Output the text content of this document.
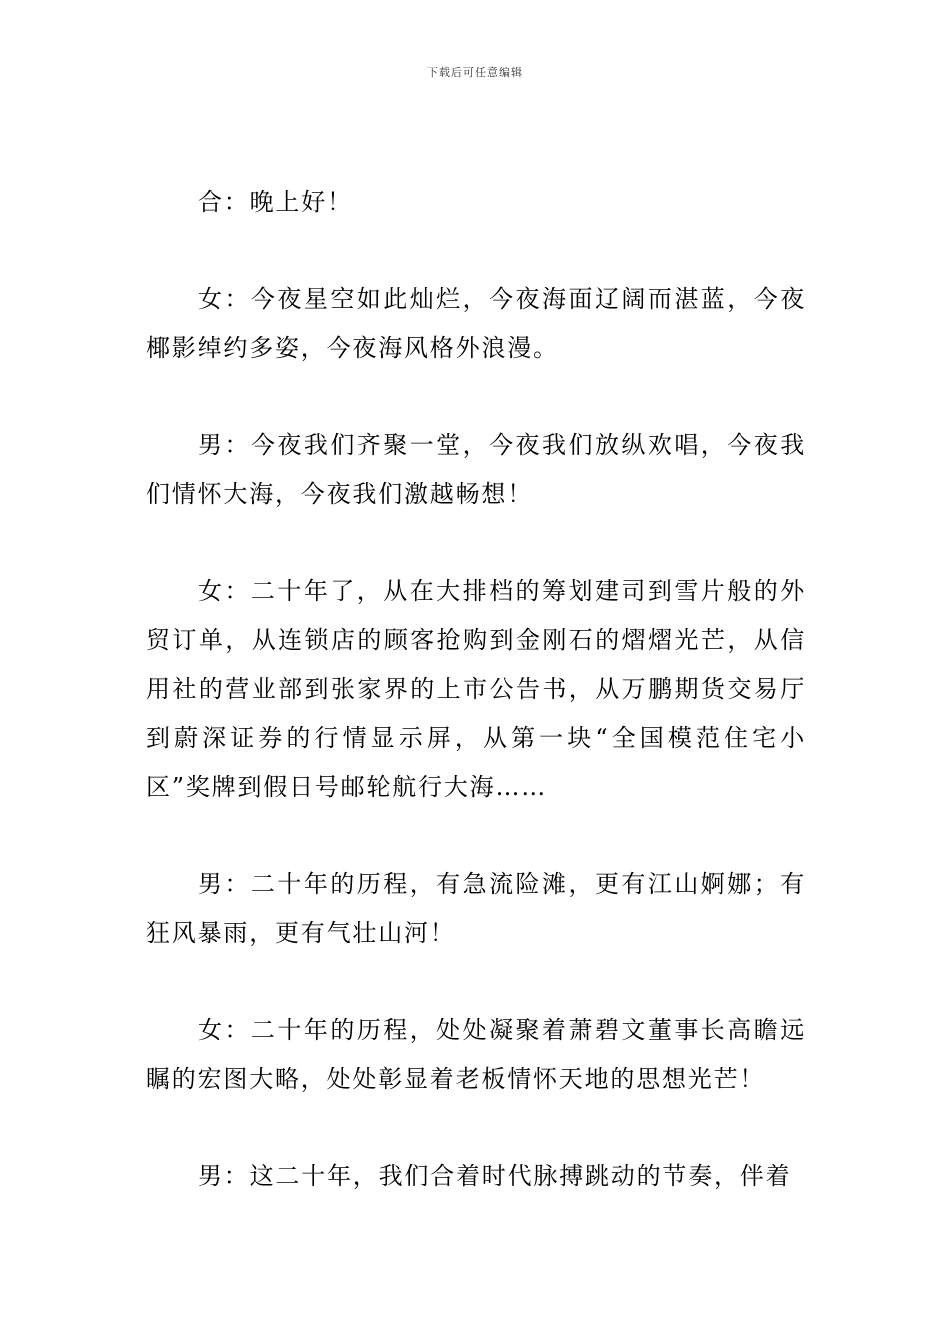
下载后可任意编辑

合：晚上好！

女：今夜星空如此灿烂，今夜海面辽阔而湛蓝，今夜椰影绰约多姿，今夜海风格外浪漫。

男：今夜我们齐聚一堂，今夜我们放纵欢唱，今夜我们情怀大海，今夜我们激越畅想！

女：二十年了，从在大排档的筹划建司到雪片般的外贸订单，从连锁店的顾客抢购到金刚石的熠熠光芒，从信用社的营业部到张家界的上市公告书，从万鹏期货交易厅到蔚深证券的行情显示屏，从第一块“全国模范住宅小区”奖牌到假日号邮轮航行大海……

男：二十年的历程，有急流险滩，更有江山婀娜；有狂风暴雨，更有气壮山河！

女：二十年的历程，处处凝聚着萧碧文董事长高瞻远瞩的宏图大略，处处彰显着老板情怀天地的思想光芒！

男：这二十年，我们合着时代脉搏跳动的节奏，伴着
